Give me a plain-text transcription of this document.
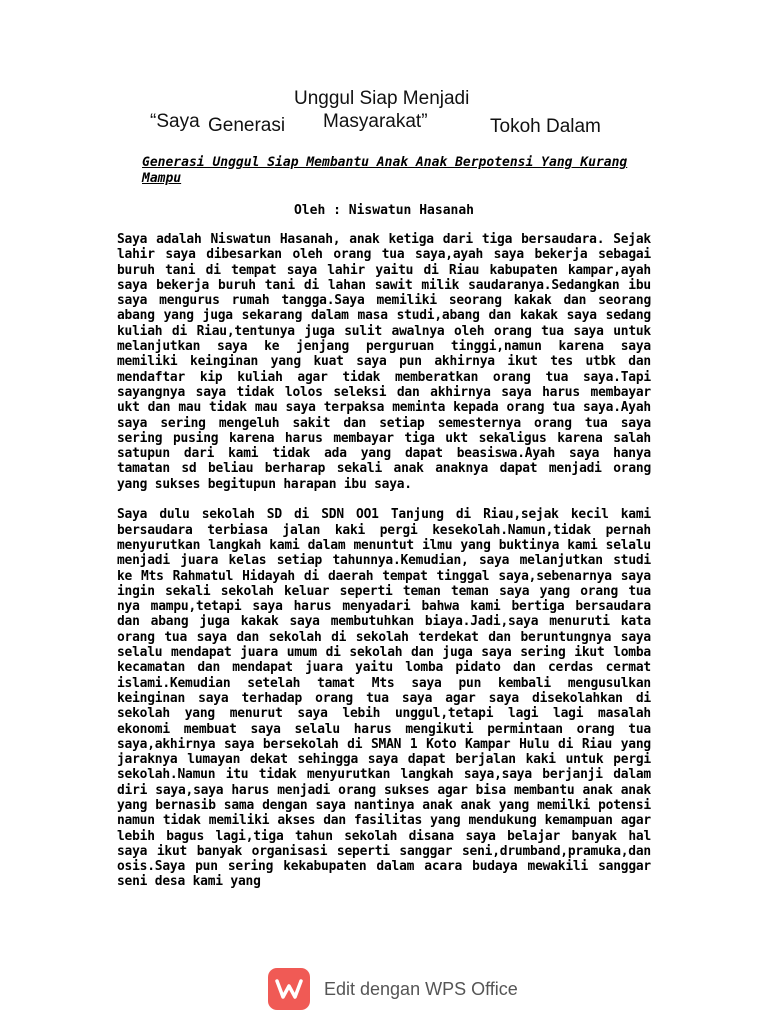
Unggul Siap Menjadi
“Saya Generasi Masyarakat”	Tokoh Dalam
Generasi Unggul Siap Membantu Anak Anak Berpotensi Yang Kurang Mampu
Oleh : Niswatun Hasanah

Saya adalah Niswatun Hasanah, anak ketiga dari tiga bersaudara. Sejak lahir saya dibesarkan oleh orang tua saya,ayah saya bekerja sebagai buruh tani di tempat saya lahir yaitu di Riau kabupaten kampar,ayah saya bekerja buruh tani di lahan sawit milik saudaranya.Sedangkan ibu saya mengurus rumah tangga.Saya memiliki seorang kakak dan seorang abang yang juga sekarang dalam masa studi,abang dan kakak saya sedang kuliah di Riau,tentunya juga sulit awalnya oleh orang tua saya untuk melanjutkan saya ke jenjang perguruan tinggi,namun karena saya memiliki keinginan yang kuat saya pun akhirnya ikut tes utbk dan mendaftar kip kuliah agar tidak memberatkan orang tua saya.Tapi sayangnya saya tidak lolos seleksi dan akhirnya saya harus membayar ukt dan mau tidak mau saya terpaksa meminta kepada orang tua saya.Ayah saya sering mengeluh sakit dan setiap semesternya orang tua saya sering pusing karena harus membayar tiga ukt sekaligus karena salah satupun dari kami tidak ada yang dapat beasiswa.Ayah saya hanya tamatan sd beliau berharap sekali anak anaknya dapat menjadi orang yang sukses begitupun harapan ibu saya.

Saya dulu sekolah SD di SDN OO1 Tanjung di Riau,sejak kecil kami bersaudara terbiasa jalan kaki pergi kesekolah.Namun,tidak pernah menyurutkan langkah kami dalam menuntut ilmu yang buktinya kami selalu menjadi juara kelas setiap tahunnya.Kemudian, saya melanjutkan studi ke Mts Rahmatul Hidayah di daerah tempat tinggal saya,sebenarnya saya ingin sekali sekolah keluar seperti teman teman saya yang orang tua nya mampu,tetapi saya harus menyadari bahwa kami bertiga bersaudara dan abang juga kakak saya membutuhkan biaya.Jadi,saya menuruti kata orang tua saya dan sekolah di sekolah terdekat dan beruntungnya saya selalu mendapat juara umum di sekolah dan juga saya sering ikut lomba kecamatan dan mendapat juara yaitu lomba pidato dan cerdas cermat islami.Kemudian setelah tamat Mts saya pun kembali mengusulkan keinginan saya terhadap orang tua saya agar saya disekolahkan di sekolah yang menurut saya lebih unggul,tetapi lagi lagi masalah ekonomi membuat saya selalu harus mengikuti permintaan orang tua saya,akhirnya saya bersekolah di SMAN 1 Koto Kampar Hulu di Riau yang jaraknya lumayan dekat sehingga saya dapat berjalan kaki untuk pergi sekolah.Namun itu tidak menyurutkan langkah saya,saya berjanji dalam diri saya,saya harus menjadi orang sukses agar bisa membantu anak anak yang bernasib sama dengan saya nantinya anak anak yang memilki potensi namun tidak memiliki akses dan fasilitas yang mendukung kemampuan agar lebih bagus lagi,tiga tahun sekolah disana saya belajar banyak hal saya ikut banyak organisasi seperti sanggar seni,drumband,pramuka,dan osis.Saya pun sering kekabupaten dalam acara budaya mewakili sanggar seni desa kami yang

Edit dengan WPS Office
